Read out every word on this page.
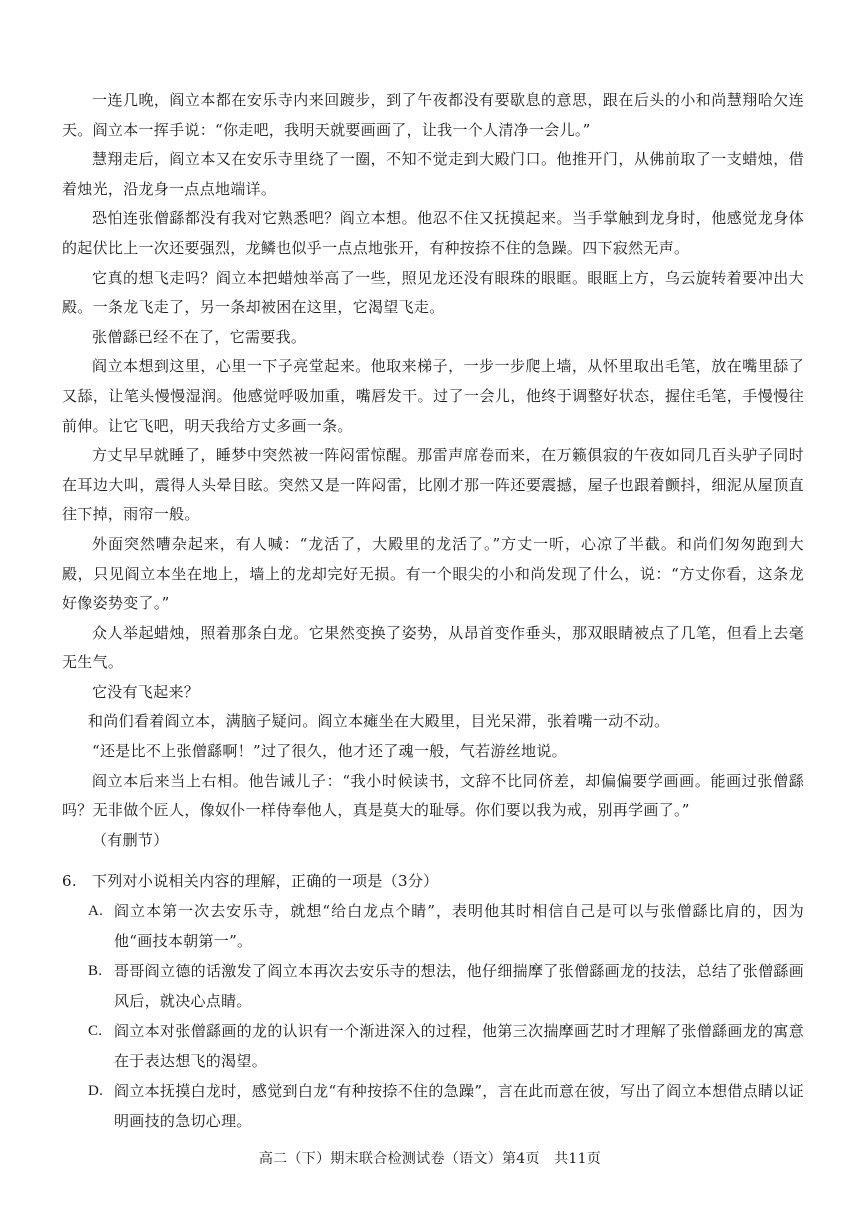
一连几晚，阎立本都在安乐寺内来回踱步，到了午夜都没有要歇息的意思，跟在后头的小和尚慧翔哈欠连天。阎立本一挥手说：“你走吧，我明天就要画画了，让我一个人清净一会儿。”

慧翔走后，阎立本又在安乐寺里绕了一圈，不知不觉走到大殿门口。他推开门，从佛前取了一支蜡烛，借着烛光，沿龙身一点点地端详。

恐怕连张僧繇都没有我对它熟悉吧？阎立本想。他忍不住又抚摸起来。当手掌触到龙身时，他感觉龙身体的起伏比上一次还要强烈，龙鳞也似乎一点点地张开，有种按捺不住的急躁。四下寂然无声。

它真的想飞走吗？阎立本把蜡烛举高了一些，照见龙还没有眼珠的眼眶。眼眶上方，乌云旋转着要冲出大殿。一条龙飞走了，另一条却被困在这里，它渴望飞走。

张僧繇已经不在了，它需要我。

阎立本想到这里，心里一下子亮堂起来。他取来梯子，一步一步爬上墙，从怀里取出毛笔，放在嘴里舔了又舔，让笔头慢慢湿润。他感觉呼吸加重，嘴唇发干。过了一会儿，他终于调整好状态，握住毛笔，手慢慢往前伸。让它飞吧，明天我给方丈多画一条。

方丈早早就睡了，睡梦中突然被一阵闷雷惊醒。那雷声席卷而来，在万籁俱寂的午夜如同几百头驴子同时在耳边大叫，震得人头晕目眩。突然又是一阵闷雷，比刚才那一阵还要震撼，屋子也跟着颤抖，细泥从屋顶直往下掉，雨帘一般。

外面突然嘈杂起来，有人喊：“龙活了，大殿里的龙活了。”方丈一听，心凉了半截。和尚们匆匆跑到大殿，只见阎立本坐在地上，墙上的龙却完好无损。有一个眼尖的小和尚发现了什么，说：“方丈你看，这条龙好像姿势变了。”

众人举起蜡烛，照着那条白龙。它果然变换了姿势，从昂首变作垂头，那双眼睛被点了几笔，但看上去毫无生气。

它没有飞起来？

和尚们看着阎立本，满脑子疑问。阎立本瘫坐在大殿里，目光呆滞，张着嘴一动不动。

“还是比不上张僧繇啊！”过了很久，他才还了魂一般，气若游丝地说。

阎立本后来当上右相。他告诫儿子：“我小时候读书，文辞不比同侪差，却偏偏要学画画。能画过张僧繇吗？无非做个匠人，像奴仆一样侍奉他人，真是莫大的耻辱。你们要以我为戒，别再学画了。”

（有删节）

6.	下列对小说相关内容的理解，正确的一项是（3分）
A. 阎立本第一次去安乐寺，就想“给白龙点个睛”，表明他其时相信自己是可以与张僧繇比肩的，因为他“画技本朝第一”。
B. 哥哥阎立德的话激发了阎立本再次去安乐寺的想法，他仔细揣摩了张僧繇画龙的技法，总结了张僧繇画风后，就决心点睛。
C. 阎立本对张僧繇画的龙的认识有一个渐进深入的过程，他第三次揣摩画艺时才理解了张僧繇画龙的寓意在于表达想飞的渴望。
D. 阎立本抚摸白龙时，感觉到白龙“有种按捺不住的急躁”，言在此而意在彼，写出了阎立本想借点睛以证明画技的急切心理。
高二（下）期末联合检测试卷（语文）第4页　共11页
